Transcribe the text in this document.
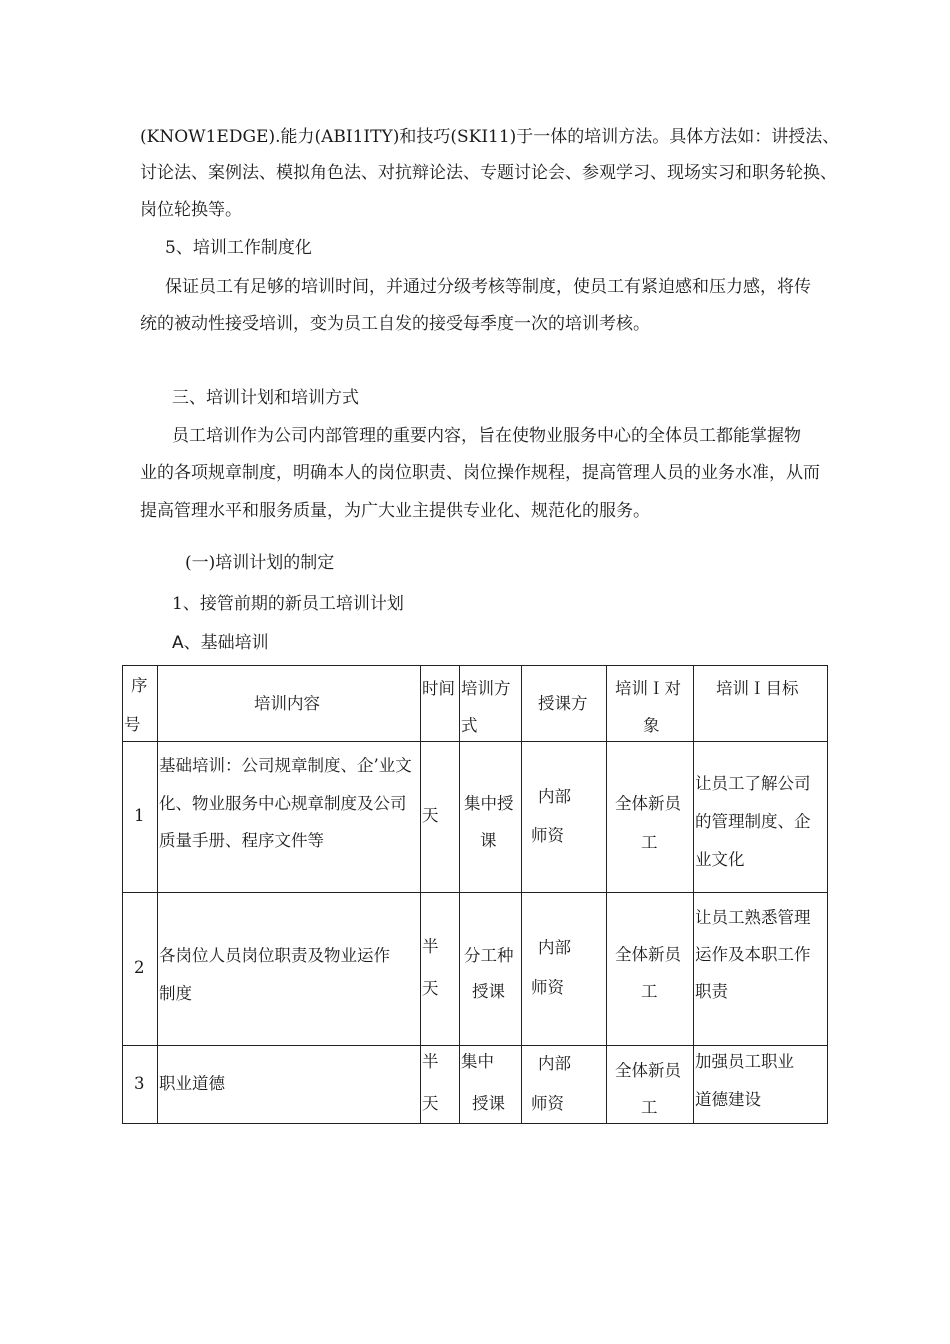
(KNOW1EDGE).能力(ABI1ITY)和技巧(SKI11)于一体的培训方法。具体方法如：讲授法、
讨论法、案例法、模拟角色法、对抗辩论法、专题讨论会、参观学习、现场实习和职务轮换、
岗位轮换等。
5、培训工作制度化
保证员工有足够的培训时间，并通过分级考核等制度，使员工有紧迫感和压力感，将传
统的被动性接受培训，变为员工自发的接受每季度一次的培训考核。
三、培训计划和培训方式
员工培训作为公司内部管理的重要内容，旨在使物业服务中心的全体员工都能掌握物
业的各项规章制度，明确本人的岗位职责、岗位操作规程，提高管理人员的业务水准，从而
提高管理水平和服务质量，为广大业主提供专业化、规范化的服务。
(一)培训计划的制定
1、接管前期的新员工培训计划
A、基础培训
序
号	培训内容	时间	培训方
式	授课方	培训Ｉ对
象	培训Ｉ目标

1	基础培训：公司规章制度、企’业文
化、物业服务中心规章制度及公司
质量手册、程序文件等	天	集中授
课	内部
师资	全体新员
工	让员工了解公司
的管理制度、企
业文化

2	各岗位人员岗位职责及物业运作
制度	半
天	分工种
授课	内部
师资	全体新员
工	让员工熟悉管理
运作及本职工作
职责

3	职业道德	半
天	集中
授课	内部
师资	全体新员
工	加强员工职业
道德建设
